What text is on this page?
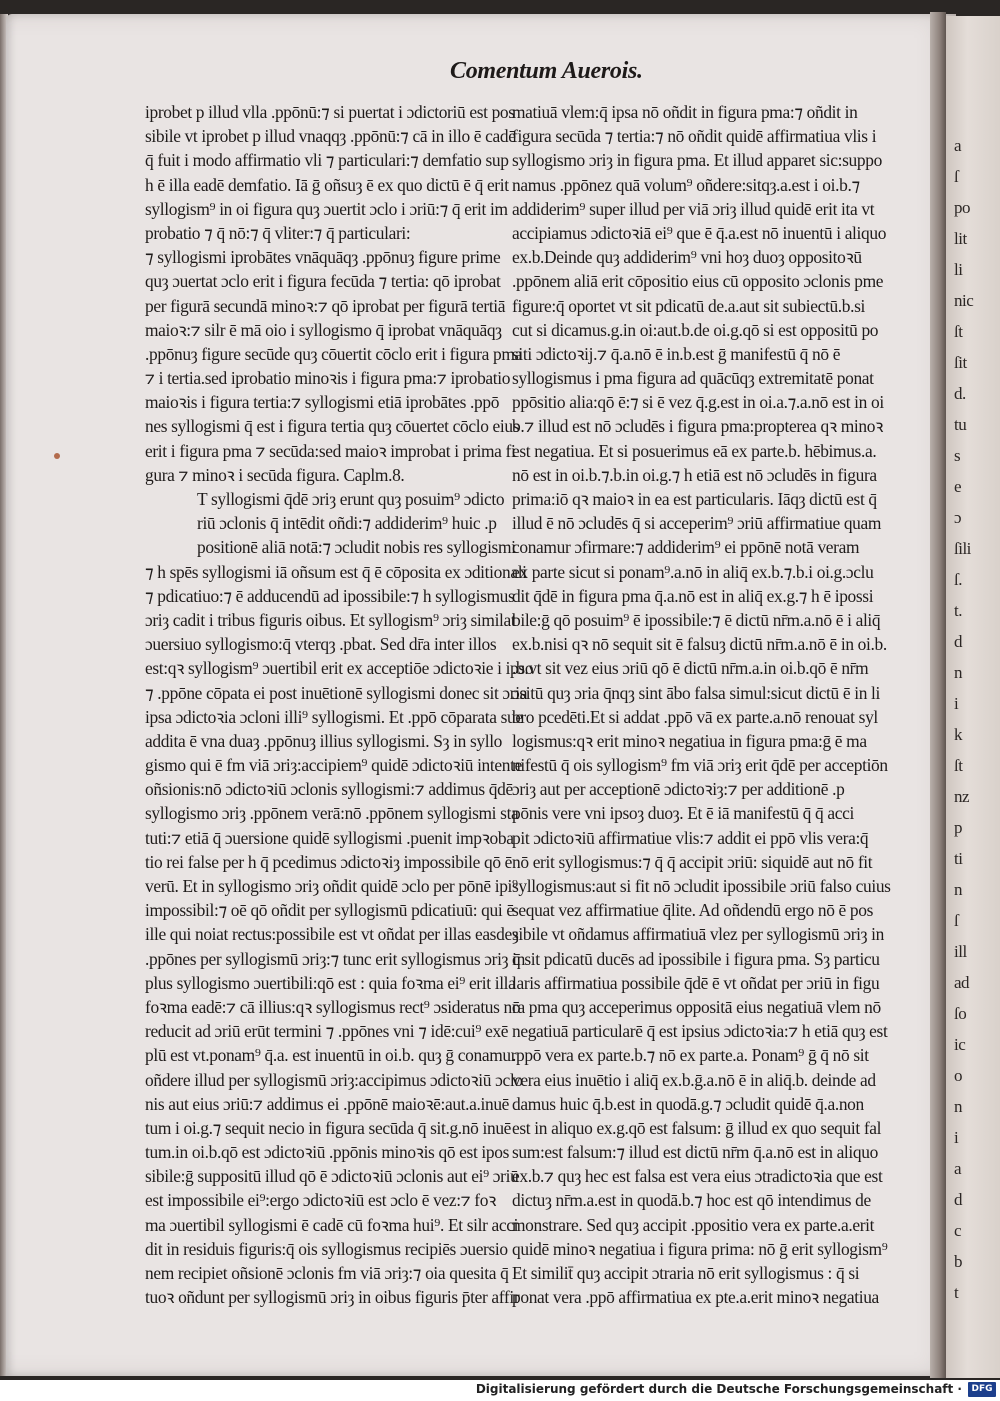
a
ſ
po
lit
li
nic
ſt
ſit
d.
tu
s
e
ɔ
ſili
ſ.
t.
d
n
i
k
ſt
nz
p
ti
n
ſ
ill
ad
ſo
ic
o
n
i
a
d
c
b
t
Comentum Auerois.
iprobet p illud vlla .ppōnū:⁊ si puertat i ɔdictoriū est pos
sibile vt iprobet p illud vnaqqȝ .ppōnū:⁊ cā in illo ē cadē
q̄ fuit i modo affirmatio vli ⁊ particulari:⁊ demfatio sup
h ē illa eadē demfatio. Iā ḡ oñsuȝ ē ex quo dictū ē q̄ erit
syllogism⁹ in oi figura quȝ ɔuertit ɔclo i ɔriū:⁊ q̄ erit im
probatio ⁊ q̄ nō:⁊ q̄ vliter:⁊ q̄ particulari:
⁊ syllogismi iprobātes vnāquāqȝ .ppōnuȝ figure prime
quȝ ɔuertat ɔclo erit i figura fecūda ⁊ tertia: qō iprobat
per figurā secundā minoꝛ:⁊ qō iprobat per figurā tertiā
maioꝛ:⁊ silr ē mā oio i syllogismo q̄ iprobat vnāquāqȝ
.ppōnuȝ figure secūde quȝ cōuertit cōclo erit i figura pma
⁊ i tertia.sed iprobatio minoꝛis i figura pma:⁊ iprobatio
maioꝛis i figura tertia:⁊ syllogismi etiā iprobātes .ppō
nes syllogismi q̄ est i figura tertia quȝ cōuertet cōclo eius
erit i figura pma ⁊ secūda:sed maioꝛ improbat i prima fi
gura ⁊ minoꝛ i secūda figura. Caplm.8.
T syllogismi q̄dē ɔriȝ erunt quȝ posuim⁹ ɔdicto
riū ɔclonis q̄ intēdit oñdi:⁊ addiderim⁹ huic .p
positionē aliā notā:⁊ ɔcludit nobis res syllogismi
⁊ h spēs syllogismi iā oñsum est q̄ ē cōposita ex ɔditionali
⁊ pdicatiuo:⁊ ē adducendū ad ipossibile:⁊ h syllogismus
ɔriȝ cadit i tribus figuris oibus. Et syllogism⁹ ɔriȝ similat
ɔuersiuo syllogismo:q̄ vterqȝ .pbat. Sed dr̄a inter illos
est:qꝛ syllogism⁹ ɔuertibil erit ex acceptiōe ɔdictoꝛie i ipso
⁊ .ppōne cōpata ei post inuētionē syllogismi donec sit ɔria
ipsa ɔdictoꝛia ɔcloni illi⁹ syllogismi. Et .ppō cōparata sue
addita ē vna duaȝ .ppōnuȝ illius syllogismi. Sȝ in syllo
gismo qui ē fm viā ɔriȝ:accipiem⁹ quidē ɔdictoꝛiū intente
oñsionis:nō ɔdictoꝛiū ɔclonis syllogismi:⁊ addimus q̄dē
syllogismo ɔriȝ .ppōnem verā:nō .ppōnem syllogismi sta
tuti:⁊ etiā q̄ ɔuersione quidē syllogismi .puenit impꝛoba
tio rei false per h q̄ pcedimus ɔdictoꝛiȝ impossibile qō ē
verū. Et in syllogismo ɔriȝ oñdit quidē ɔclo per pōnē ipi⁹
impossibil:⁊ oē qō oñdit per syllogismū pdicatiuū: qui ē
ille qui noiat rectus:possibile est vt oñdat per illas easdeȝ
.ppōnes per syllogismū ɔriȝ:⁊ tunc erit syllogismus ɔriȝ in
plus syllogismo ɔuertibili:qō est : quia foꝛma ei⁹ erit illa
foꝛma eadē:⁊ cā illius:qꝛ syllogismus rect⁹ ɔsideratus nō
reducit ad ɔriū erūt termini ⁊ .ppōnes vni ⁊ idē:cui⁹ exē
plū est vt.ponam⁹ q̄.a. est inuentū in oi.b. quȝ ḡ conamur
oñdere illud per syllogismū ɔriȝ:accipimus ɔdictoꝛiū ɔclo
nis aut eius ɔriū:⁊ addimus ei .ppōnē maioꝛē:aut.a.inuē
tum i oi.g.⁊ sequit necio in figura secūda q̄ sit.g.nō inuē
tum.in oi.b.qō est ɔdictoꝛiū .ppōnis minoꝛis qō est ipos
sibile:ḡ suppositū illud qō ē ɔdictoꝛiū ɔclonis aut ei⁹ ɔriū
est impossibile ei⁹:ergo ɔdictoꝛiū est ɔclo ē vez:⁊ foꝛ
ma ɔuertibil syllogismi ē cadē cū foꝛma hui⁹. Et silr acci
dit in residuis figuris:q̄ ois syllogismus recipiēs ɔuersio
nem recipiet oñsionē ɔclonis fm viā ɔriȝ:⁊ oia quesita q̄
tuoꝛ oñdunt per syllogismū ɔriȝ in oibus figuris p̄ter affir
matiuā vlem:q̄ ipsa nō oñdit in figura pma:⁊ oñdit in
figura secūda ⁊ tertia:⁊ nō oñdit quidē affirmatiua vlis i
syllogismo ɔriȝ in figura pma. Et illud apparet sic:suppo
namus .ppōnez quā volum⁹ oñdere:sitqȝ.a.est i oi.b.⁊
addiderim⁹ super illud per viā ɔriȝ illud quidē erit ita vt
accipiamus ɔdictoꝛiā ei⁹ que ē q̄.a.est nō inuentū i aliquo
ex.b.Deinde quȝ addiderim⁹ vni hoȝ duoȝ oppositoꝛū
.ppōnem aliā erit cōpositio eius cū opposito ɔclonis pme
figure:q̄ oportet vt sit pdicatū de.a.aut sit subiectū.b.si
cut si dicamus.g.in oi:aut.b.de oi.g.qō si est oppositū po
siti ɔdictoꝛij.⁊ q̄.a.nō ē in.b.est ḡ manifestū q̄ nō ē
syllogismus i pma figura ad quācūqȝ extremitatē ponat
ppōsitio alia:qō ē:⁊ si ē vez q̄.g.est in oi.a.⁊.a.nō est in oi
b.⁊ illud est nō ɔcludēs i figura pma:propterea qꝛ minoꝛ
est negatiua. Et si posuerimus eā ex parte.b. hēbimus.a.
nō est in oi.b.⁊.b.in oi.g.⁊ h etiā est nō ɔcludēs in figura
prima:iō qꝛ maioꝛ in ea est particularis. Iāqȝ dictū est q̄
illud ē nō ɔcludēs q̄ si acceperim⁹ ɔriū affirmatiue quam
conamur ɔfirmare:⁊ addiderim⁹ ei ppōnē notā veram
ex parte sicut si ponam⁹.a.nō in aliq̄ ex.b.⁊.b.i oi.g.ɔclu
dit q̄dē in figura pma q̄.a.nō est in aliq̄ ex.g.⁊ h ē ipossi
bile:ḡ qō posuim⁹ ē ipossibile:⁊ ē dictū nr̄m.a.nō ē i aliq̄
ex.b.nisi qꝛ nō sequit sit ē falsuȝ dictū nr̄m.a.nō ē in oi.b.
.b.vt sit vez eius ɔriū qō ē dictū nr̄m.a.in oi.b.qō ē nr̄m
ɔsitū quȝ ɔria q̄nqȝ sint ābo falsa simul:sicut dictū ē in li
bro pcedēti.Et si addat .ppō vā ex parte.a.nō renouat syl
logismus:qꝛ erit minoꝛ negatiua in figura pma:ḡ ē ma
nifestū q̄ ois syllogism⁹ fm viā ɔriȝ erit q̄dē per acceptiōn
ɔriȝ aut per acceptionē ɔdictoꝛiȝ:⁊ per additionē .p
pōnis vere vni ipsoȝ duoȝ. Et ē iā manifestū q̄ q̄ acci
pit ɔdictoꝛiū affirmatiue vlis:⁊ addit ei ppō vlis vera:q̄
nō erit syllogismus:⁊ q̄ q̄ accipit ɔriū: siquidē aut nō fit
syllogismus:aut si fit nō ɔcludit ipossibile ɔriū falso cuius
sequat vez affirmatiue q̄lite. Ad oñdendū ergo nō ē pos
sibile vt oñdamus affirmatiuā vlez per syllogismū ɔriȝ in
q̄ sit pdicatū ducēs ad ipossibile i figura pma. Sȝ particu
laris affirmatiua possibile q̄dē ē vt oñdat per ɔriū in figu
ra pma quȝ acceperimus oppositā eius negatiuā vlem nō
negatiuā particularē q̄ est ipsius ɔdictoꝛia:⁊ h etiā quȝ est
.ppō vera ex parte.b.⁊ nō ex parte.a. Ponam⁹ ḡ q̄ nō sit
vera eius inuētio i aliq̄ ex.b.ḡ.a.nō ē in aliq̄.b. deinde ad
damus huic q̄.b.est in quodā.g.⁊ ɔcludit quidē q̄.a.non
est in aliquo ex.g.qō est falsum: ḡ illud ex quo sequit fal
sum:est falsum:⁊ illud est dictū nr̄m q̄.a.nō est in aliquo
ex.b.⁊ quȝ hec est falsa est vera eius ɔtradictoꝛia que est
dictuȝ nr̄m.a.est in quodā.b.⁊ hoc est qō intendimus de
monstrare. Sed quȝ accipit .ppositio vera ex parte.a.erit
quidē minoꝛ negatiua i figura prima: nō ḡ erit syllogism⁹
Et similit̄ quȝ accipit ɔtraria nō erit syllogismus : q̄ si
ponat vera .ppō affirmatiua ex pte.a.erit minoꝛ negatiua
Digitalisierung gefördert durch die Deutsche Forschungsgemeinschaft ·	DFG
